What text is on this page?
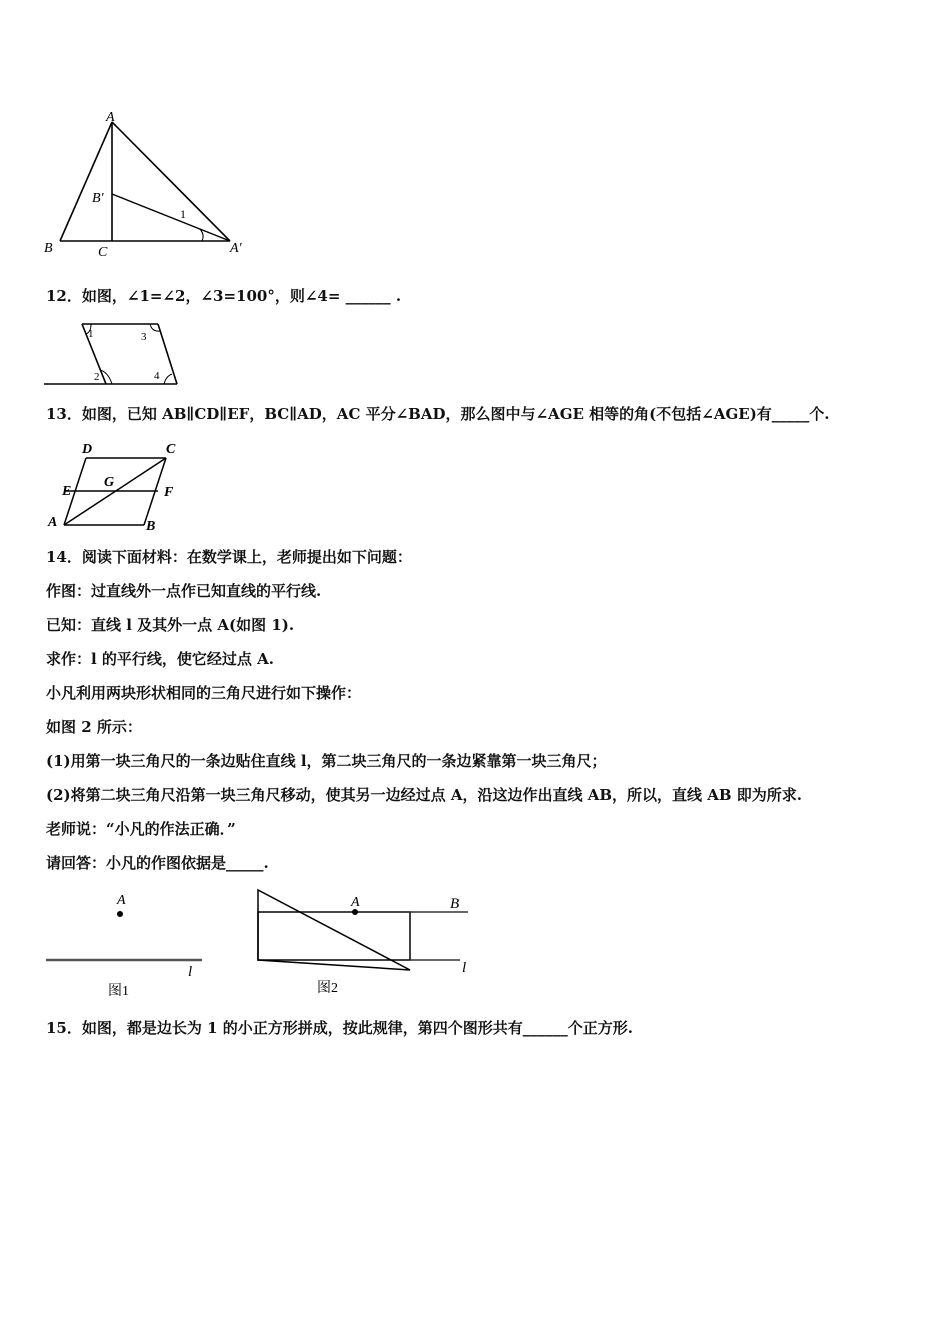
A
B	C
B′
A′
1
12．如图，∠1=∠2，∠3=100°，则∠4= ______ .
1
2
3
4
13．如图，已知 AB∥CD∥EF，BC∥AD，AC 平分∠BAD，那么图中与∠AGE 相等的角(不包括∠AGE)有_____个.
D	C
E	F
G
A	B
14．阅读下面材料：在数学课上，老师提出如下问题：
作图：过直线外一点作已知直线的平行线.
已知：直线 l 及其外一点 A(如图 1).
求作：l 的平行线，使它经过点 A.
小凡利用两块形状相同的三角尺进行如下操作：
如图 2 所示：
(1)用第一块三角尺的一条边贴住直线 l，第二块三角尺的一条边紧靠第一块三角尺；
(2)将第二块三角尺沿第一块三角尺移动，使其另一边经过点 A，沿这边作出直线 AB，所以，直线 AB 即为所求.
老师说：“小凡的作法正确．”
请回答：小凡的作图依据是_____.
A
l
图1
A	B
l
图2
15．如图，都是边长为 1 的小正方形拼成，按此规律，第四个图形共有______个正方形.
